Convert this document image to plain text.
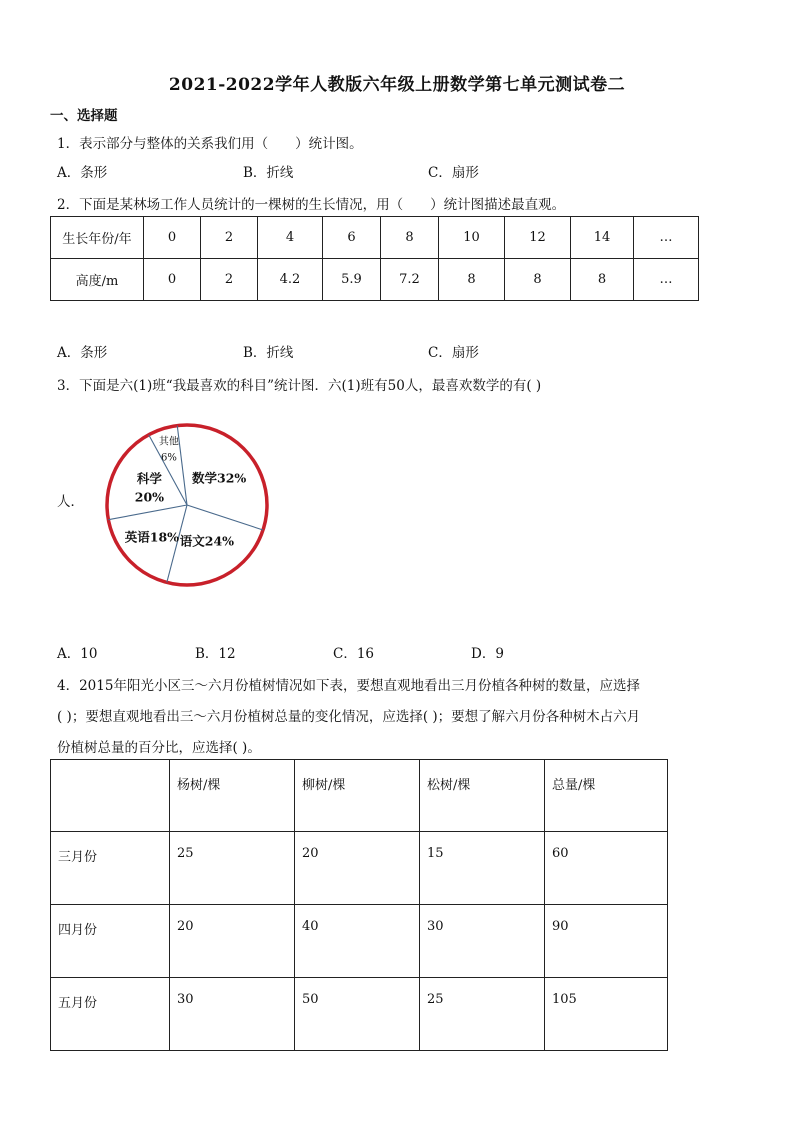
2021-2022学年人教版六年级上册数学第七单元测试卷二
一、选择题
1．表示部分与整体的关系我们用（　　）统计图。
A．条形	B．折线	C．扇形
2．下面是某林场工作人员统计的一棵树的生长情况，用（　　）统计图描述最直观。
生长年份/年	0	2	4	6	8	10	12	14	…
高度/m	0	2	4.2	5.9	7.2	8	8	8	…
A．条形	B．折线	C．扇形
3．下面是六(1)班“我最喜欢的科目”统计图．六(1)班有50人，最喜欢数学的有( )
人．
数学32%
语文24%
英语18%
科学 20%
其他 6%
A．10	B．12	C．16	D．9
4．2015年阳光小区三～六月份植树情况如下表，要想直观地看出三月份植各种树的数量，应选择
( )；要想直观地看出三～六月份植树总量的变化情况，应选择( )；要想了解六月份各种树木占六月
份植树总量的百分比，应选择( )。
	杨树/棵	柳树/棵	松树/棵	总量/棵
三月份	25	20	15	60
四月份	20	40	30	90
五月份	30	50	25	105
